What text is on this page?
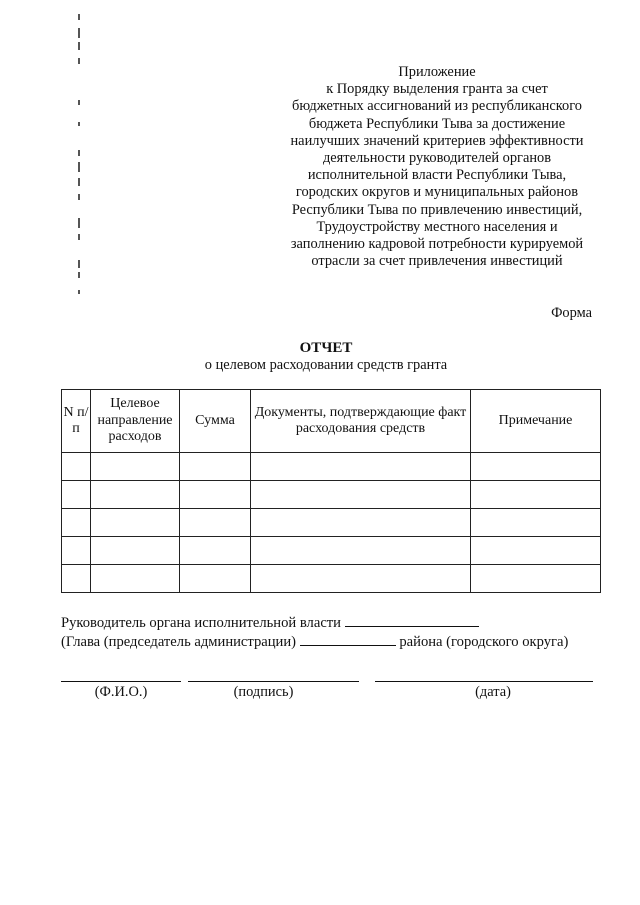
Приложение
к Порядку выделения гранта за счет
бюджетных ассигнований из республиканского
бюджета Республики Тыва за достижение
наилучших значений критериев эффективности
деятельности руководителей органов
исполнительной власти Республики Тыва,
городских округов и муниципальных районов
Республики Тыва по привлечению инвестиций,
Трудоустройству местного населения и
заполнению кадровой потребности курируемой
отрасли за счет привлечения инвестиций
Форма
ОТЧЕТ
о целевом расходовании средств гранта
N п/п	Целевое направление расходов	Сумма	Документы, подтверждающие факт расходования средств	Примечание

Руководитель органа исполнительной власти
(Глава (председатель администрации)	района (городского округа)
(Ф.И.О.)	(подпись)	(дата)
